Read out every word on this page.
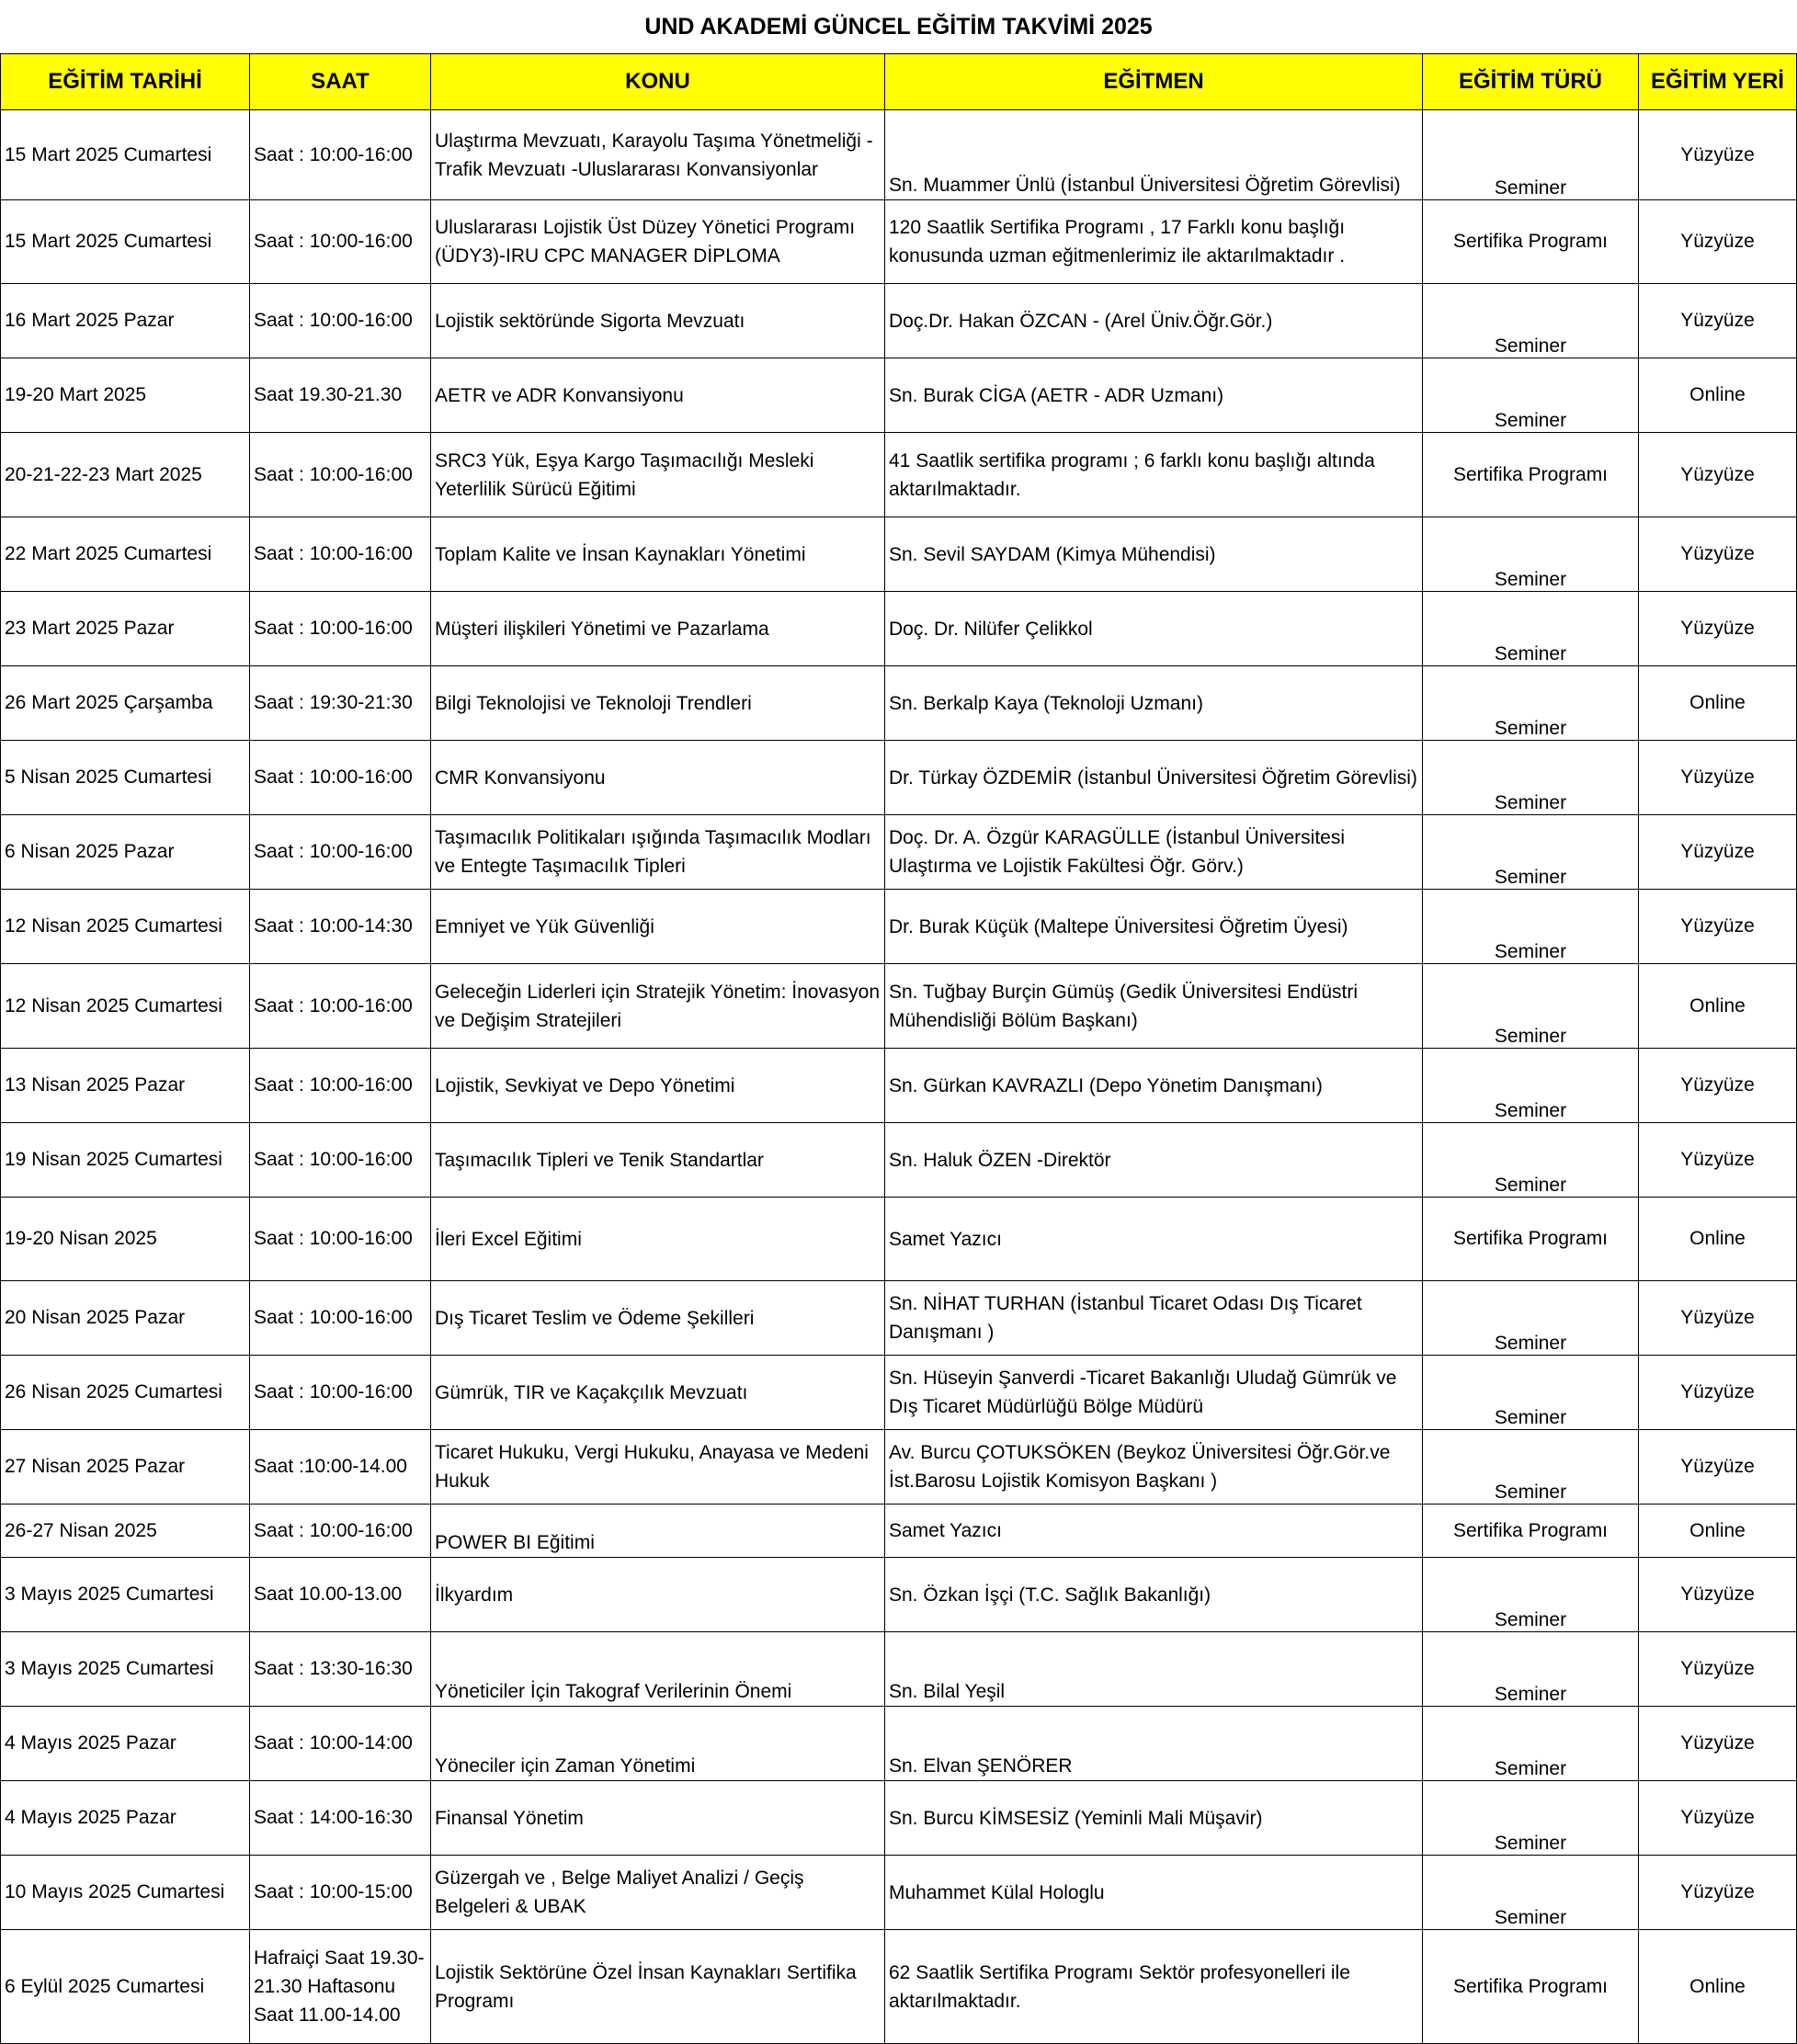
UND AKADEMİ GÜNCEL EĞİTİM TAKVİMİ 2025
EĞİTİM TARİHİ	SAAT	KONU	EĞİTMEN	EĞİTİM TÜRÜ	EĞİTİM YERİ
15 Mart 2025 Cumartesi	Saat : 10:00-16:00	Ulaştırma Mevzuatı, Karayolu Taşıma Yönetmeliği -Trafik Mevzuatı -Uluslararası Konvansiyonlar	Sn. Muammer Ünlü (İstanbul Üniversitesi Öğretim Görevlisi)	Seminer	Yüzyüze
15 Mart 2025 Cumartesi	Saat : 10:00-16:00	Uluslararası Lojistik Üst Düzey Yönetici Programı (ÜDY3)-IRU CPC MANAGER DİPLOMA	120 Saatlik Sertifika Programı , 17 Farklı konu başlığı konusunda uzman eğitmenlerimiz ile aktarılmaktadır .	Sertifika Programı	Yüzyüze
16 Mart 2025 Pazar	Saat : 10:00-16:00	Lojistik sektöründe Sigorta Mevzuatı	Doç.Dr. Hakan ÖZCAN - (Arel Üniv.Öğr.Gör.)	Seminer	Yüzyüze
19-20 Mart 2025	Saat 19.30-21.30	AETR ve ADR Konvansiyonu	Sn. Burak CİGA (AETR - ADR Uzmanı)	Seminer	Online
20-21-22-23 Mart 2025	Saat : 10:00-16:00	SRC3 Yük, Eşya Kargo Taşımacılığı Mesleki Yeterlilik Sürücü Eğitimi	41 Saatlik sertifika programı ; 6 farklı konu başlığı altında aktarılmaktadır.	Sertifika Programı	Yüzyüze
22 Mart 2025 Cumartesi	Saat : 10:00-16:00	Toplam Kalite ve İnsan Kaynakları Yönetimi	Sn. Sevil SAYDAM (Kimya Mühendisi)	Seminer	Yüzyüze
23 Mart 2025 Pazar	Saat : 10:00-16:00	Müşteri ilişkileri Yönetimi ve Pazarlama	Doç. Dr. Nilüfer Çelikkol	Seminer	Yüzyüze
26 Mart 2025 Çarşamba	Saat : 19:30-21:30	Bilgi Teknolojisi ve Teknoloji Trendleri	Sn. Berkalp Kaya (Teknoloji Uzmanı)	Seminer	Online
5 Nisan 2025 Cumartesi	Saat : 10:00-16:00	CMR Konvansiyonu	Dr. Türkay ÖZDEMİR (İstanbul Üniversitesi Öğretim Görevlisi)	Seminer	Yüzyüze
6 Nisan 2025 Pazar	Saat : 10:00-16:00	Taşımacılık Politikaları ışığında Taşımacılık Modları ve Entegte Taşımacılık Tipleri	Doç. Dr. A. Özgür KARAGÜLLE (İstanbul Üniversitesi Ulaştırma ve Lojistik Fakültesi Öğr. Görv.)	Seminer	Yüzyüze
12 Nisan 2025 Cumartesi	Saat : 10:00-14:30	Emniyet ve Yük Güvenliği	Dr. Burak Küçük (Maltepe Üniversitesi Öğretim Üyesi)	Seminer	Yüzyüze
12 Nisan 2025 Cumartesi	Saat : 10:00-16:00	Geleceğin Liderleri için Stratejik Yönetim: İnovasyon ve Değişim Stratejileri	Sn. Tuğbay Burçin Gümüş (Gedik Üniversitesi Endüstri Mühendisliği Bölüm Başkanı)	Seminer	Online
13 Nisan 2025 Pazar	Saat : 10:00-16:00	Lojistik, Sevkiyat ve Depo Yönetimi	Sn. Gürkan KAVRAZLI (Depo Yönetim Danışmanı)	Seminer	Yüzyüze
19 Nisan 2025 Cumartesi	Saat : 10:00-16:00	Taşımacılık Tipleri ve Tenik Standartlar	Sn. Haluk ÖZEN -Direktör	Seminer	Yüzyüze
19-20 Nisan 2025	Saat : 10:00-16:00	İleri Excel Eğitimi	Samet Yazıcı	Sertifika Programı	Online
20 Nisan 2025 Pazar	Saat : 10:00-16:00	Dış Ticaret Teslim ve Ödeme Şekilleri	Sn. NİHAT TURHAN (İstanbul Ticaret Odası Dış Ticaret Danışmanı )	Seminer	Yüzyüze
26 Nisan 2025 Cumartesi	Saat : 10:00-16:00	Gümrük, TIR ve Kaçakçılık Mevzuatı	Sn. Hüseyin Şanverdi -Ticaret Bakanlığı Uludağ Gümrük ve Dış Ticaret Müdürlüğü Bölge Müdürü	Seminer	Yüzyüze
27 Nisan 2025 Pazar	Saat :10:00-14.00	Ticaret Hukuku, Vergi Hukuku, Anayasa ve Medeni Hukuk	Av. Burcu ÇOTUKSÖKEN (Beykoz Üniversitesi Öğr.Gör.ve İst.Barosu Lojistik Komisyon Başkanı )	Seminer	Yüzyüze
26-27 Nisan 2025	Saat : 10:00-16:00	POWER BI Eğitimi	Samet Yazıcı	Sertifika Programı	Online
3 Mayıs 2025 Cumartesi	Saat 10.00-13.00	İlkyardım	Sn. Özkan İşçi (T.C. Sağlık Bakanlığı)	Seminer	Yüzyüze
3 Mayıs 2025 Cumartesi	Saat : 13:30-16:30	Yöneticiler İçin Takograf Verilerinin Önemi	Sn. Bilal Yeşil	Seminer	Yüzyüze
4 Mayıs 2025 Pazar	Saat : 10:00-14:00	Yöneciler için Zaman Yönetimi	Sn. Elvan ŞENÖRER	Seminer	Yüzyüze
4 Mayıs 2025 Pazar	Saat : 14:00-16:30	Finansal Yönetim	Sn. Burcu KİMSESİZ (Yeminli Mali Müşavir)	Seminer	Yüzyüze
10 Mayıs 2025 Cumartesi	Saat : 10:00-15:00	Güzergah ve , Belge Maliyet Analizi / Geçiş Belgeleri & UBAK	Muhammet Külal Hologlu	Seminer	Yüzyüze
6 Eylül 2025 Cumartesi	Hafraiçi Saat 19.30-21.30 Haftasonu Saat 11.00-14.00	Lojistik Sektörüne Özel İnsan Kaynakları Sertifika Programı	62 Saatlik Sertifika Programı Sektör profesyonelleri ile aktarılmaktadır.	Sertifika Programı	Online
